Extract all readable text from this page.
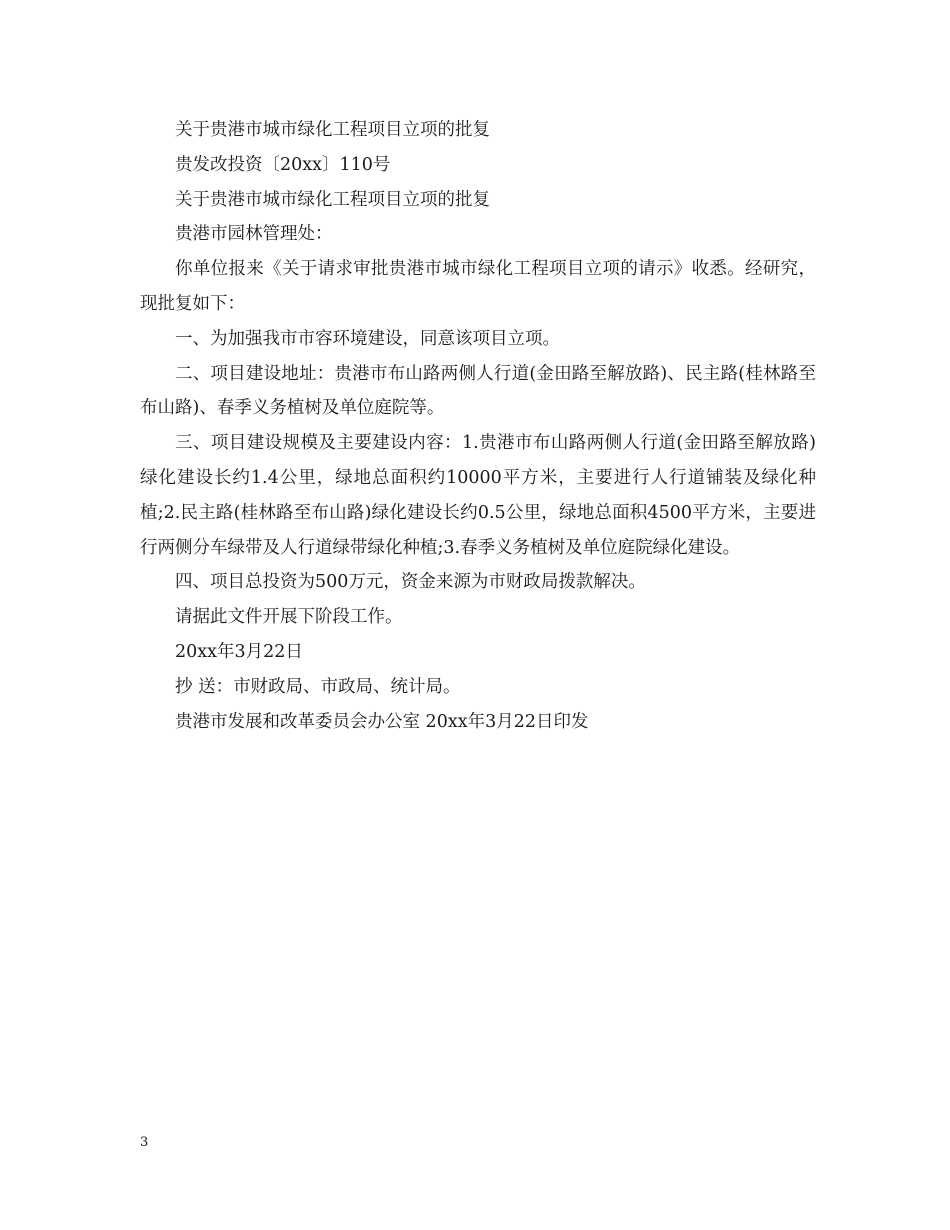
关于贵港市城市绿化工程项目立项的批复

贵发改投资〔20xx〕110号

关于贵港市城市绿化工程项目立项的批复

贵港市园林管理处：

你单位报来《关于请求审批贵港市城市绿化工程项目立项的请示》收悉。经研究，现批复如下：

一、为加强我市市容环境建设，同意该项目立项。

二、项目建设地址：贵港市布山路两侧人行道(金田路至解放路)、民主路(桂林路至布山路)、春季义务植树及单位庭院等。

三、项目建设规模及主要建设内容：1.贵港市布山路两侧人行道(金田路至解放路)绿化建设长约1.4公里，绿地总面积约10000平方米，主要进行人行道铺装及绿化种植;2.民主路(桂林路至布山路)绿化建设长约0.5公里，绿地总面积4500平方米，主要进行两侧分车绿带及人行道绿带绿化种植;3.春季义务植树及单位庭院绿化建设。

四、项目总投资为500万元，资金来源为市财政局拨款解决。

请据此文件开展下阶段工作。

20xx年3月22日

抄 送：市财政局、市政局、统计局。

贵港市发展和改革委员会办公室 20xx年3月22日印发

3
